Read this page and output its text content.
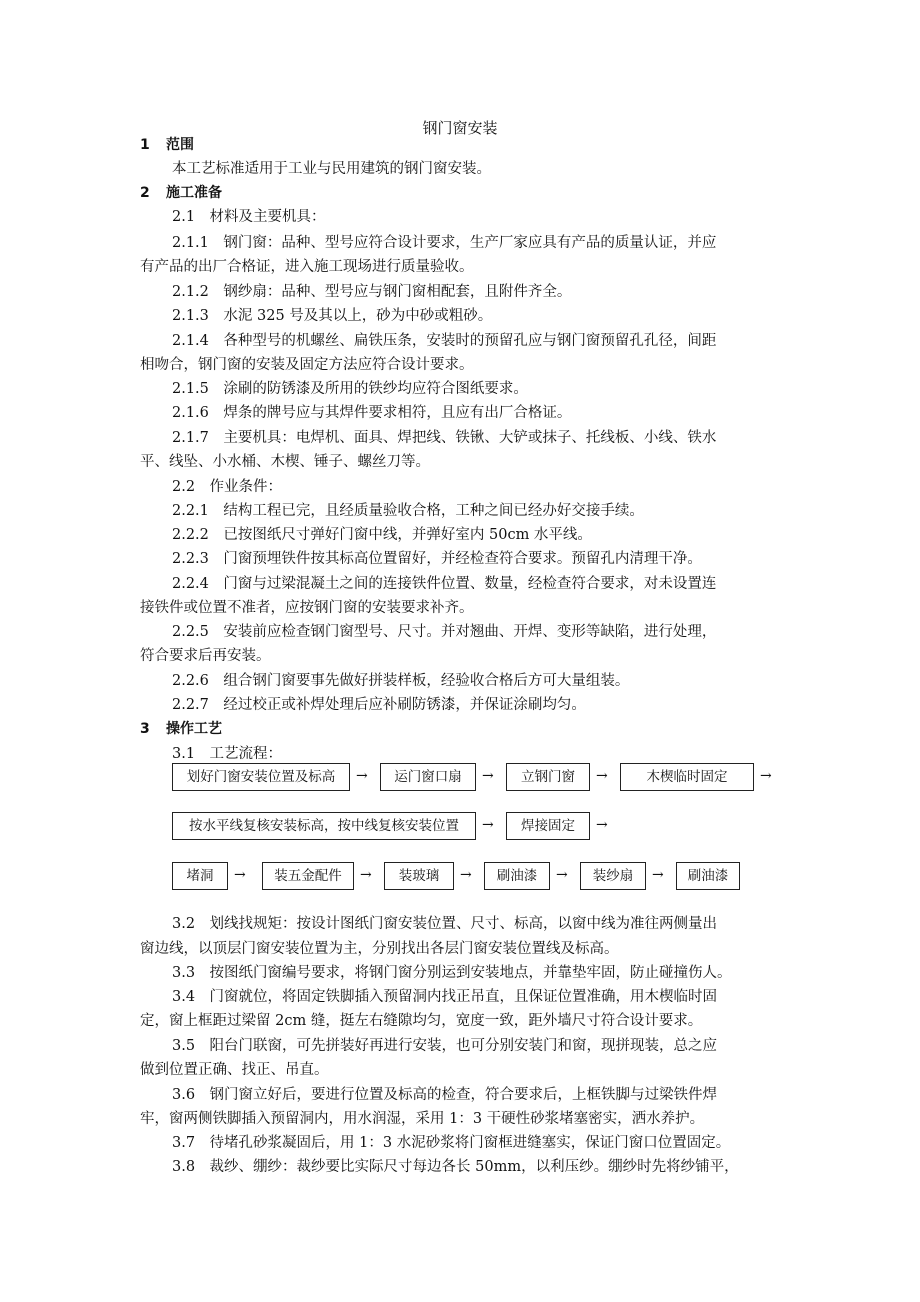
钢门窗安装
1 范围
本工艺标准适用于工业与民用建筑的钢门窗安装。
2 施工准备
2.1　材料及主要机具：
2.1.1　钢门窗：品种、型号应符合设计要求，生产厂家应具有产品的质量认证，并应
有产品的出厂合格证，进入施工现场进行质量验收。
2.1.2　钢纱扇：品种、型号应与钢门窗相配套，且附件齐全。
2.1.3　水泥 325 号及其以上，砂为中砂或粗砂。
2.1.4　各种型号的机螺丝、扁铁压条，安装时的预留孔应与钢门窗预留孔孔径，间距
相吻合，钢门窗的安装及固定方法应符合设计要求。
2.1.5　涂刷的防锈漆及所用的铁纱均应符合图纸要求。
2.1.6　焊条的牌号应与其焊件要求相符，且应有出厂合格证。
2.1.7　主要机具：电焊机、面具、焊把线、铁锹、大铲或抹子、托线板、小线、铁水
平、线坠、小水桶、木楔、锤子、螺丝刀等。
2.2　作业条件：
2.2.1　结构工程已完，且经质量验收合格，工种之间已经办好交接手续。
2.2.2　已按图纸尺寸弹好门窗中线，并弹好室内 50cm 水平线。
2.2.3　门窗预埋铁件按其标高位置留好，并经检查符合要求。预留孔内清理干净。
2.2.4　门窗与过梁混凝土之间的连接铁件位置、数量，经检查符合要求，对未设置连
接铁件或位置不准者，应按钢门窗的安装要求补齐。
2.2.5　安装前应检查钢门窗型号、尺寸。并对翘曲、开焊、变形等缺陷，进行处理，
符合要求后再安装。
2.2.6　组合钢门窗要事先做好拼装样板，经验收合格后方可大量组装。
2.2.7　经过校正或补焊处理后应补刷防锈漆，并保证涂刷均匀。
3 操作工艺
3.1　工艺流程：
划好门窗安装位置及标高	→	运门窗口扇	→	立钢门窗	→	木楔临时固定	→
按水平线复核安装标高，按中线复核安装位置	→	焊接固定	→
堵洞	→	装五金配件	→	装玻璃	→	刷油漆	→	装纱扇	→	刷油漆
3.2　划线找规矩：按设计图纸门窗安装位置、尺寸、标高，以窗中线为准往两侧量出
窗边线，以顶层门窗安装位置为主，分别找出各层门窗安装位置线及标高。
3.3　按图纸门窗编号要求，将钢门窗分别运到安装地点，并靠垫牢固，防止碰撞伤人。
3.4　门窗就位，将固定铁脚插入预留洞内找正吊直，且保证位置准确，用木楔临时固
定，窗上框距过梁留 2cm 缝，挺左右缝隙均匀，宽度一致，距外墙尺寸符合设计要求。
3.5　阳台门联窗，可先拼装好再进行安装，也可分别安装门和窗，现拼现装，总之应
做到位置正确、找正、吊直。
3.6　钢门窗立好后，要进行位置及标高的检查，符合要求后，上框铁脚与过梁铁件焊
牢，窗两侧铁脚插入预留洞内，用水润湿，采用 1：3 干硬性砂浆堵塞密实，洒水养护。
3.7　待堵孔砂浆凝固后，用 1：3 水泥砂浆将门窗框进缝塞实，保证门窗口位置固定。
3.8　裁纱、绷纱：裁纱要比实际尺寸每边各长 50mm，以利压纱。绷纱时先将纱铺平，
